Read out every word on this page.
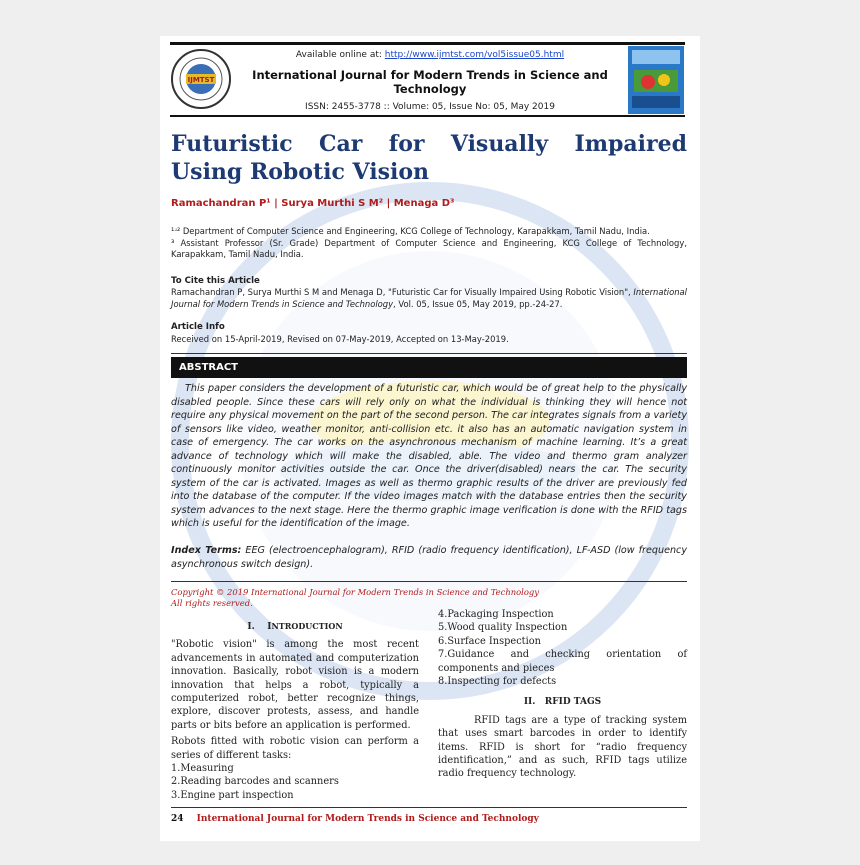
IJMTST
Available online at: http://www.ijmtst.com/vol5issue05.html
International Journal for Modern Trends in Science and Technology
ISSN: 2455-3778 :: Volume: 05, Issue No: 05, May 2019
Futuristic Car for Visually Impaired Using Robotic Vision
Ramachandran P¹ | Surya Murthi S M² | Menaga D³
¹ʴ² Department of Computer Science and Engineering, KCG College of Technology, Karapakkam, Tamil Nadu, India.
³ Assistant Professor (Sr. Grade) Department of Computer Science and Engineering, KCG College of Technology, Karapakkam, Tamil Nadu, India.
To Cite this Article
Ramachandran P, Surya Murthi S M and Menaga D, "Futuristic Car for Visually Impaired Using Robotic Vision", International Journal for Modern Trends in Science and Technology, Vol. 05, Issue 05, May 2019, pp.-24-27.
Article Info
Received on 15-April-2019, Revised on 07-May-2019, Accepted on 13-May-2019.
ABSTRACT
This paper considers the development of a futuristic car, which would be of great help to the physically disabled people. Since these cars will rely only on what the individual is thinking they will hence not require any physical movement on the part of the second person. The car integrates signals from a variety of sensors like video, weather monitor, anti-collision etc. it also has an automatic navigation system in case of emergency. The car works on the asynchronous mechanism of machine learning. It’s a great advance of technology which will make the disabled, able. The video and thermo gram analyzer continuously monitor activities outside the car. Once the driver(disabled) nears the car. The security system of the car is activated. Images as well as thermo graphic results of the driver are previously fed into the database of the computer. If the video images match with the database entries then the security system advances to the next stage. Here the thermo graphic image verification is done with the RFID tags which is useful for the identification of the image.
Index Terms: EEG (electroencephalogram), RFID (radio frequency identification), LF-ASD (low frequency asynchronous switch design).
Copyright © 2019 International Journal for Modern Trends in Science and Technology
All rights reserved.
I. INTRODUCTION

"Robotic vision" is among the most recent advancements in automated and computerization innovation. Basically, robot vision is a modern innovation that helps a robot, typically a computerized robot, better recognize things, explore, discover protests, assess, and handle parts or bits before an application is performed.

Robots fitted with robotic vision can perform a series of different tasks:

1.Measuring

2.Reading barcodes and scanners

3.Engine part inspection

4.Packaging Inspection

5.Wood quality Inspection

6.Surface Inspection

7.Guidance and checking orientation of components and pieces

8.Inspecting for defects

II.   RFID TAGS

RFID tags are a type of tracking system that uses smart barcodes in order to identify items. RFID is short for “radio frequency identification,” and as such, RFID tags utilize radio frequency technology.

24 International Journal for Modern Trends in Science and Technology
